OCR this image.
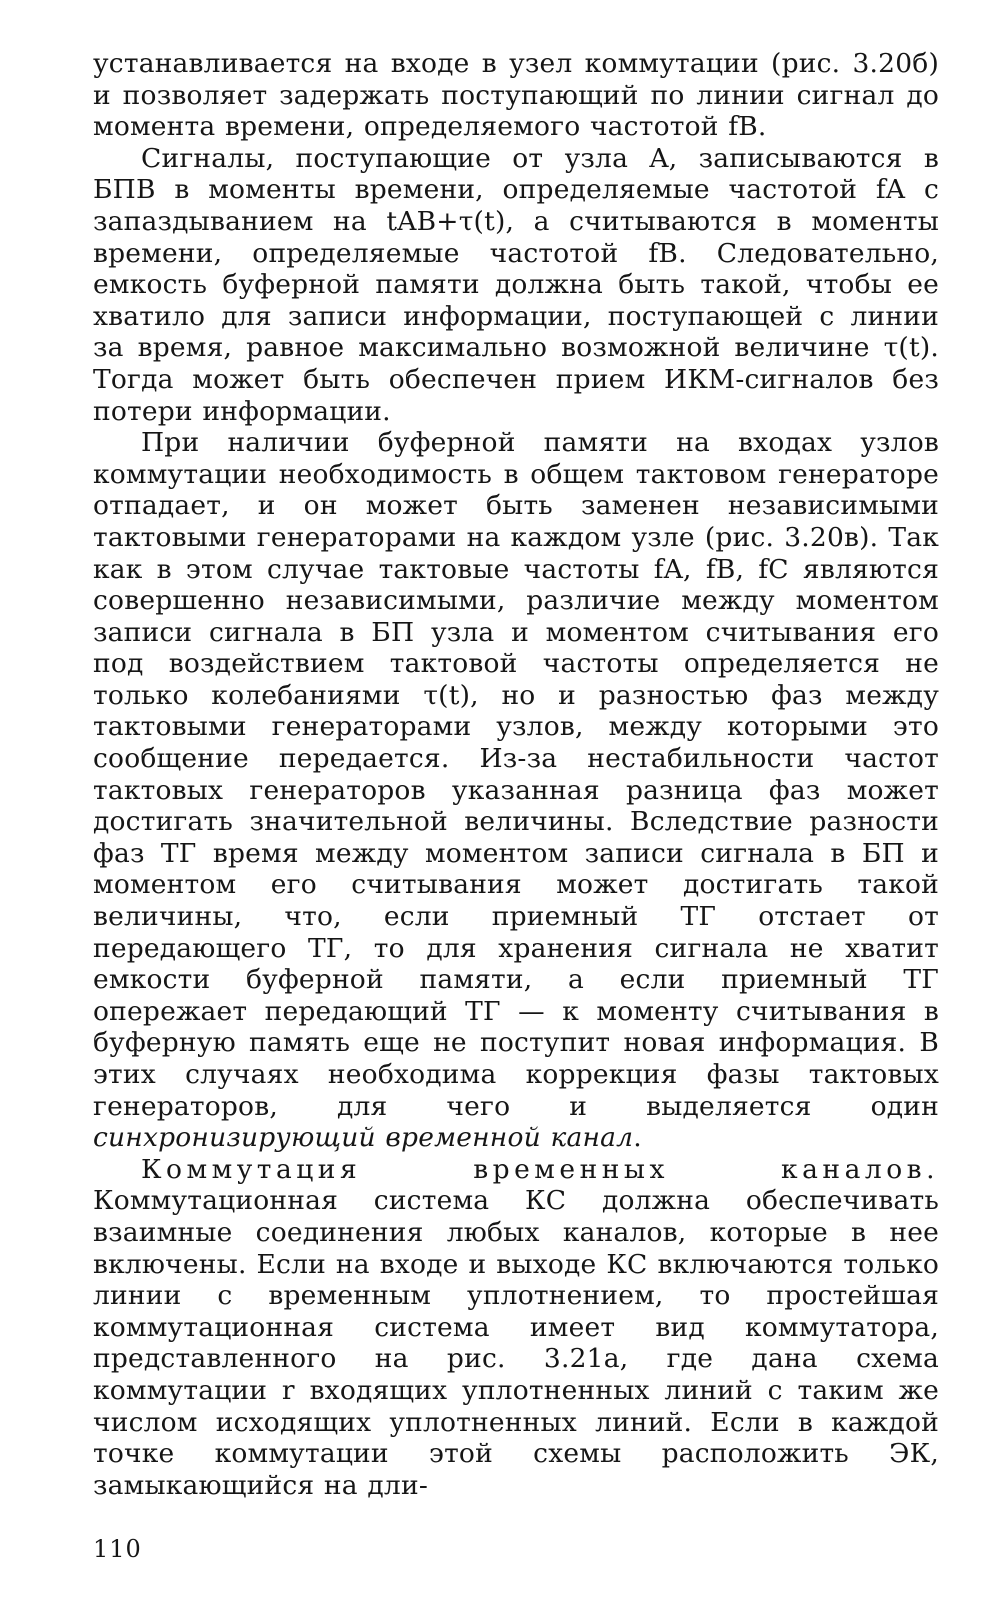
устанавливается на входе в узел коммутации (рис. 3.20б) и позволяет задержать поступающий по линии сигнал до момента времени, определяемого частотой fB.

Сигналы, поступающие от узла A, записываются в БПB в моменты времени, определяемые частотой fA с запаздыванием на tAB+τ(t), а считываются в моменты времени, определяемые частотой fB. Следовательно, емкость буферной памяти должна быть такой, чтобы ее хватило для записи информации, поступающей с линии за время, равное максимально возможной величине τ(t). Тогда может быть обеспечен прием ИКМ-сигналов без потери информации.

При наличии буферной памяти на входах узлов коммутации необходимость в общем тактовом генераторе отпадает, и он может быть заменен независимыми тактовыми генераторами на каждом узле (рис. 3.20в). Так как в этом случае тактовые частоты fA, fB, fC являются совершенно независимыми, различие между моментом записи сигнала в БП узла и моментом считывания его под воздействием тактовой частоты определяется не только колебаниями τ(t), но и разностью фаз между тактовыми генераторами узлов, между которыми это сообщение передается. Из-за нестабильности частот тактовых генераторов указанная разница фаз может достигать значительной величины. Вследствие разности фаз ТГ время между моментом записи сигнала в БП и моментом его считывания может достигать такой величины, что, если приемный ТГ отстает от передающего ТГ, то для хранения сигнала не хватит емкости буферной памяти, а если приемный ТГ опережает передающий ТГ — к моменту считывания в буферную память еще не поступит новая информация. В этих случаях необходима коррекция фазы тактовых генераторов, для чего и выделяется один синхронизирующий временной канал.

Коммутация временных каналов. Коммутационная система КС должна обеспечивать взаимные соединения любых каналов, которые в нее включены. Если на входе и выходе КС включаются только линии с временным уплотнением, то простейшая коммутационная система имеет вид коммутатора, представленного на рис. 3.21а, где дана схема коммутации r входящих уплотненных линий с таким же числом исходящих уплотненных линий. Если в каждой точке коммутации этой схемы расположить ЭК, замыкающийся на дли-

110
